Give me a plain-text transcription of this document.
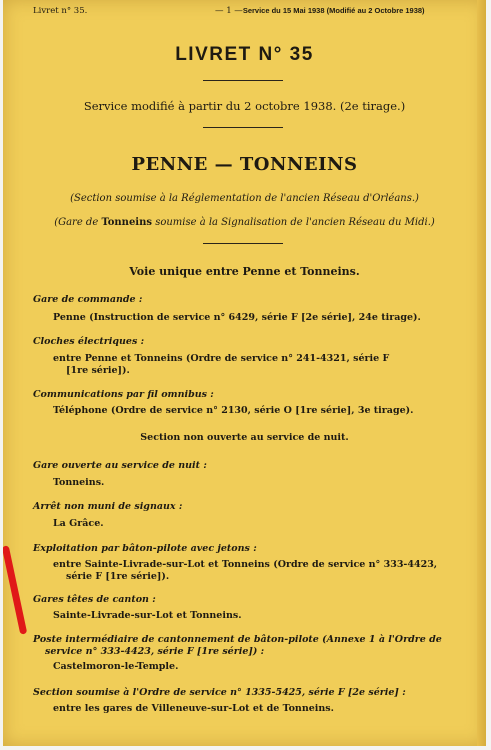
Livret n° 35.	— 1 —Service du 15 Mai 1938 (Modifié au 2 Octobre 1938)
LIVRET N° 35
Service modifié à partir du 2 octobre 1938. (2e tirage.)
PENNE — TONNEINS
(Section soumise à la Réglementation de l'ancien Réseau d'Orléans.)
(Gare de Tonneins soumise à la Signalisation de l'ancien Réseau du Midi.)
Voie unique entre Penne et Tonneins.
Gare de commande :
Penne (Instruction de service n° 6429, série F [2e série], 24e tirage).
Cloches électriques :
entre Penne et Tonneins (Ordre de service n° 241-4321, série F
[1re série]).
Communications par fil omnibus :
Téléphone (Ordre de service n° 2130, série O [1re série], 3e tirage).
Section non ouverte au service de nuit.
Gare ouverte au service de nuit :
Tonneins.
Arrêt non muni de signaux :
La Grâce.
Exploitation par bâton-pilote avec jetons :
entre Sainte-Livrade-sur-Lot et Tonneins (Ordre de service n° 333-4423,
série F [1re série]).
Gares têtes de canton :
Sainte-Livrade-sur-Lot et Tonneins.
Poste intermédiaire de cantonnement de bâton-pilote (Annexe 1 à l'Ordre de
service n° 333-4423, série F [1re série]) :
Castelmoron-le-Temple.
Section soumise à l'Ordre de service n° 1335-5425, série F [2e série] :
entre les gares de Villeneuve-sur-Lot et de Tonneins.
